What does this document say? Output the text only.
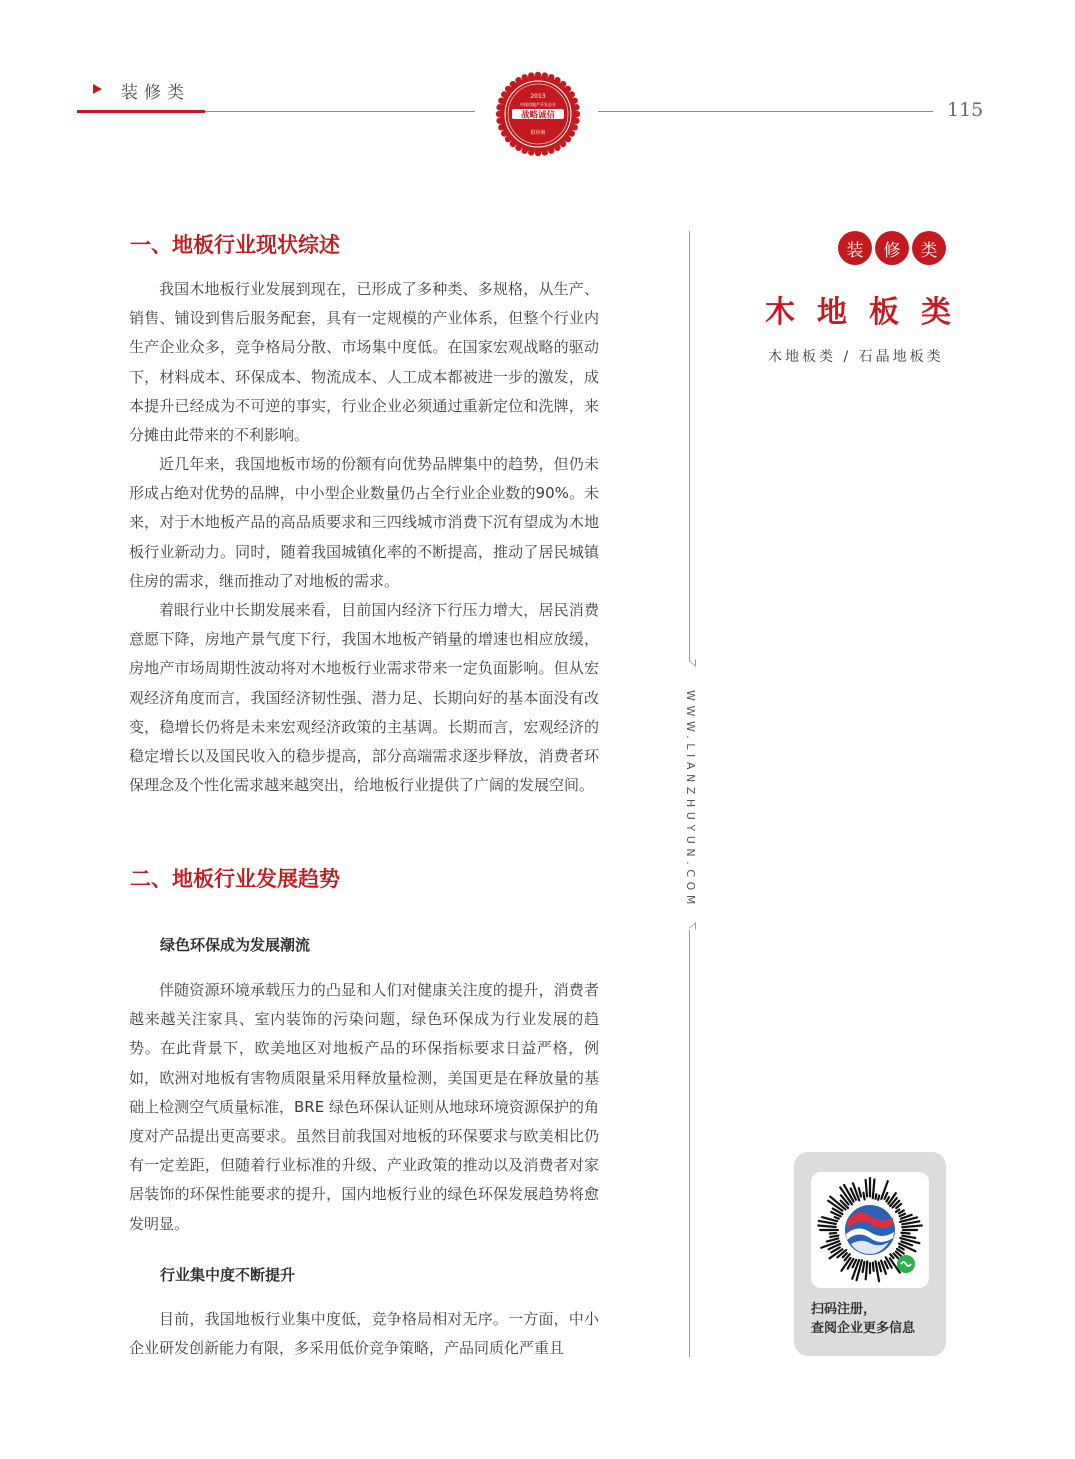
装修类
115
2013
中国房地产开发企业
战略诚信
供应商
一、地板行业现状综述

我国木地板行业发展到现在，已形成了多种类、多规格，从生产、销售、铺设到售后服务配套，具有一定规模的产业体系，但整个行业内生产企业众多，竞争格局分散、市场集中度低。在国家宏观战略的驱动下，材料成本、环保成本、物流成本、人工成本都被进一步的激发，成本提升已经成为不可逆的事实，行业企业必须通过重新定位和洗牌，来分摊由此带来的不利影响。

近几年来，我国地板市场的份额有向优势品牌集中的趋势，但仍未形成占绝对优势的品牌，中小型企业数量仍占全行业企业数的90%。未来，对于木地板产品的高品质要求和三四线城市消费下沉有望成为木地板行业新动力。同时，随着我国城镇化率的不断提高，推动了居民城镇住房的需求，继而推动了对地板的需求。

着眼行业中长期发展来看，目前国内经济下行压力增大，居民消费意愿下降，房地产景气度下行，我国木地板产销量的增速也相应放缓，房地产市场周期性波动将对木地板行业需求带来一定负面影响。但从宏观经济角度而言，我国经济韧性强、潜力足、长期向好的基本面没有改变，稳增长仍将是未来宏观经济政策的主基调。长期而言，宏观经济的稳定增长以及国民收入的稳步提高，部分高端需求逐步释放，消费者环保理念及个性化需求越来越突出，给地板行业提供了广阔的发展空间。

二、地板行业发展趋势
绿色环保成为发展潮流

伴随资源环境承载压力的凸显和人们对健康关注度的提升，消费者越来越关注家具、室内装饰的污染问题，绿色环保成为行业发展的趋势。在此背景下，欧美地区对地板产品的环保指标要求日益严格，例如，欧洲对地板有害物质限量采用释放量检测，美国更是在释放量的基础上检测空气质量标准，BRE 绿色环保认证则从地球环境资源保护的角度对产品提出更高要求。虽然目前我国对地板的环保要求与欧美相比仍有一定差距，但随着行业标准的升级、产业政策的推动以及消费者对家居装饰的环保性能要求的提升，国内地板行业的绿色环保发展趋势将愈发明显。

行业集中度不断提升

目前，我国地板行业集中度低，竞争格局相对无序。一方面，中小企业研发创新能力有限，多采用低价竞争策略，产品同质化严重且

WWW.LIANZHUYUN.COM
装	修	类
木地板类
木地板类 / 石晶地板类
扫码注册，
查阅企业更多信息
